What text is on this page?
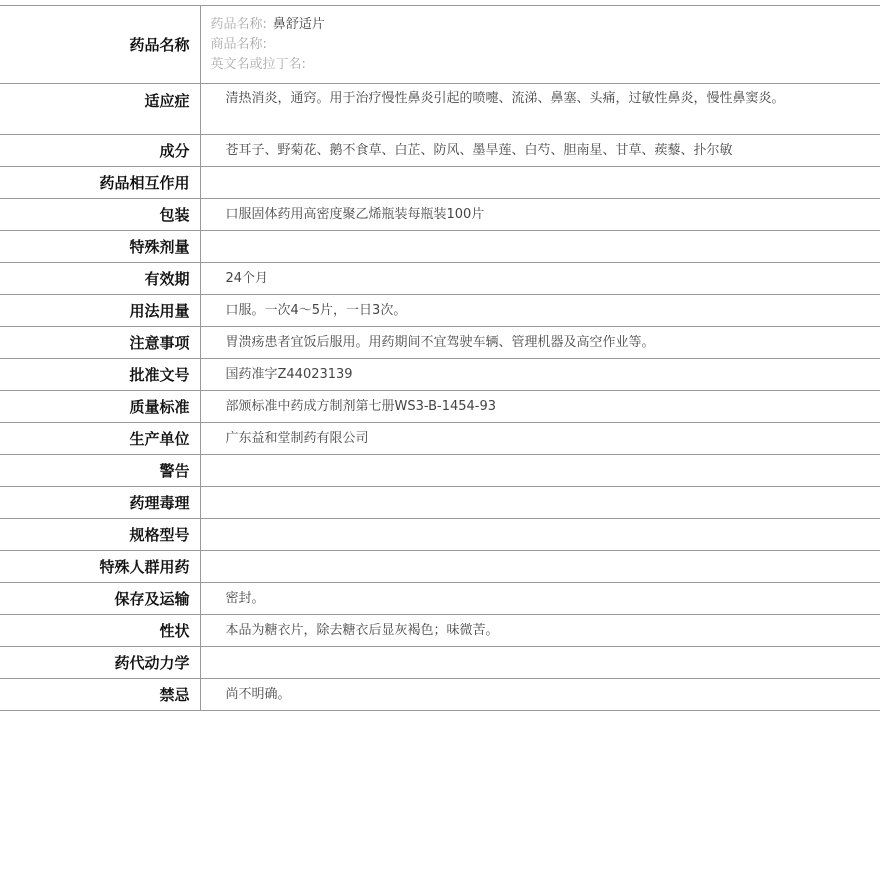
药品名称	药品名称: 鼻舒适片
商品名称:
英文名或拉丁名:

适应症	清热消炎，通窍。用于治疗慢性鼻炎引起的喷嚏、流涕、鼻塞、头痛，过敏性鼻炎，慢性鼻窦炎。
成分	苍耳子、野菊花、鹅不食草、白芷、防风、墨旱莲、白芍、胆南星、甘草、蒺藜、扑尔敏
药品相互作用	
包装	口服固体药用高密度聚乙烯瓶装每瓶装100片
特殊剂量	
有效期	24个月
用法用量	口服。一次4～5片，一日3次。
注意事项	胃溃疡患者宜饭后服用。用药期间不宜驾驶车辆、管理机器及高空作业等。
批准文号	国药准字Z44023139
质量标准	部颁标准中药成方制剂第七册WS3-B-1454-93
生产单位	广东益和堂制药有限公司
警告	
药理毒理	
规格型号	
特殊人群用药	
保存及运输	密封。
性状	本品为糖衣片，除去糖衣后显灰褐色；味微苦。
药代动力学	
禁忌	尚不明确。
